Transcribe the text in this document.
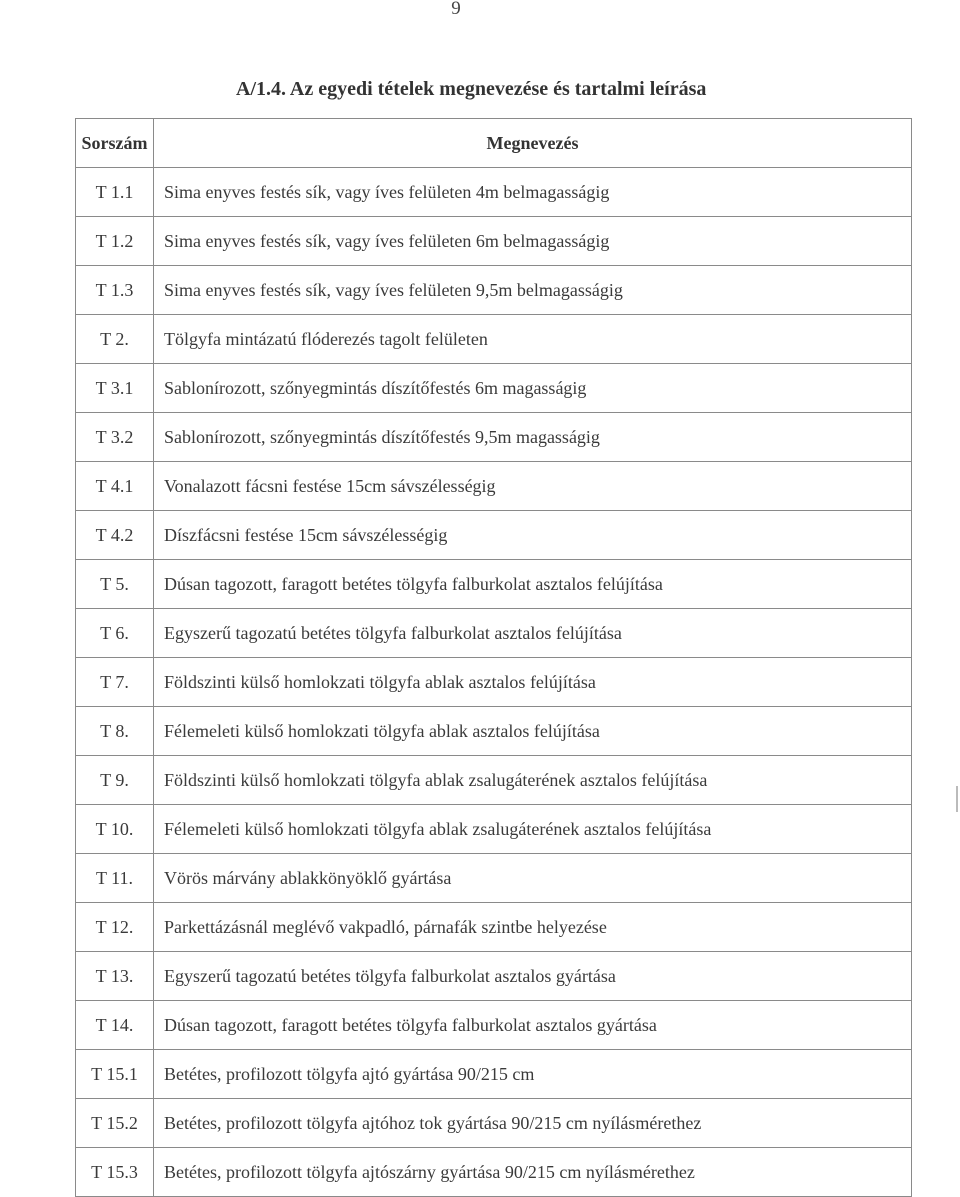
9
A/1.4. Az egyedi tételek megnevezése és tartalmi leírása
Sorszám	Megnevezés
T 1.1	Sima enyves festés sík, vagy íves felületen 4m belmagasságig
T 1.2	Sima enyves festés sík, vagy íves felületen 6m belmagasságig
T 1.3	Sima enyves festés sík, vagy íves felületen 9,5m belmagasságig
T 2.	Tölgyfa mintázatú flóderezés tagolt felületen
T 3.1	Sablonírozott, szőnyegmintás díszítőfestés 6m magasságig
T 3.2	Sablonírozott, szőnyegmintás díszítőfestés 9,5m magasságig
T 4.1	Vonalazott fácsni festése 15cm sávszélességig
T 4.2	Díszfácsni festése 15cm sávszélességig
T 5.	Dúsan tagozott, faragott betétes tölgyfa falburkolat asztalos felújítása
T 6.	Egyszerű tagozatú betétes tölgyfa falburkolat asztalos felújítása
T 7.	Földszinti külső homlokzati tölgyfa ablak asztalos felújítása
T 8.	Félemeleti külső homlokzati tölgyfa ablak asztalos felújítása
T 9.	Földszinti külső homlokzati tölgyfa ablak zsalugáterének asztalos felújítása
T 10.	Félemeleti külső homlokzati tölgyfa ablak zsalugáterének asztalos felújítása
T 11.	Vörös márvány ablakkönyöklő gyártása
T 12.	Parkettázásnál meglévő vakpadló, párnafák szintbe helyezése
T 13.	Egyszerű tagozatú betétes tölgyfa falburkolat asztalos gyártása
T 14.	Dúsan tagozott, faragott betétes tölgyfa falburkolat asztalos gyártása
T 15.1	Betétes, profilozott tölgyfa ajtó gyártása 90/215 cm
T 15.2	Betétes, profilozott tölgyfa ajtóhoz tok gyártása 90/215 cm nyílásmérethez
T 15.3	Betétes, profilozott tölgyfa ajtószárny gyártása 90/215 cm nyílásmérethez
